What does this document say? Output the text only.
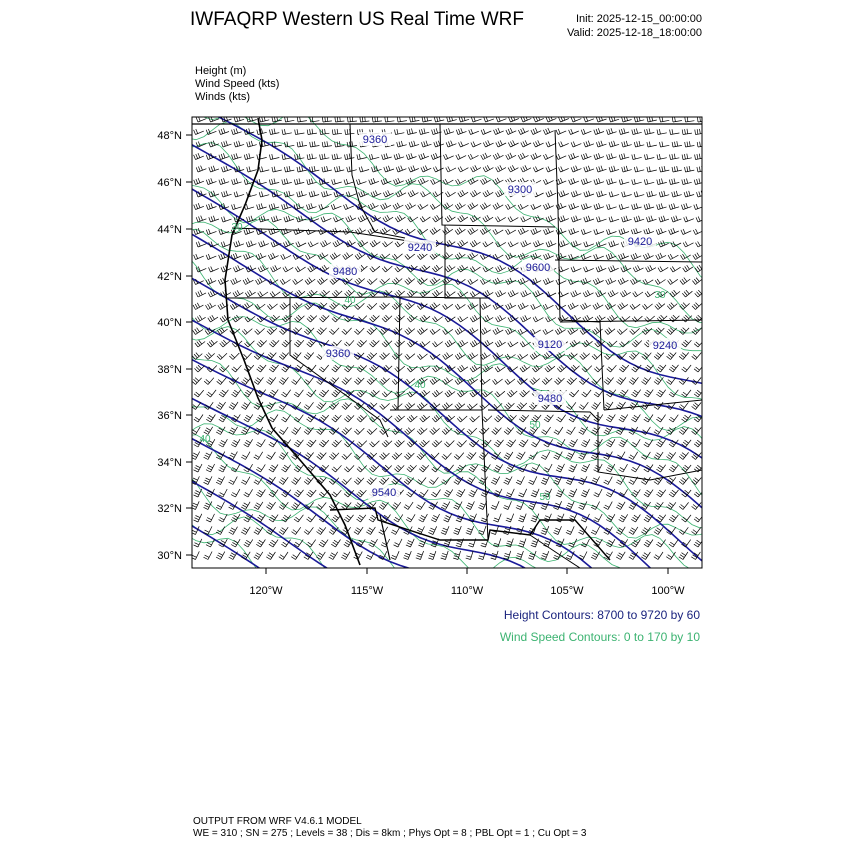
IWFAQRP Western US Real Time WRF	Init: 2025-12-15_00:00:00
Valid: 2025-12-18_18:00:00
Height (m)
Wind Speed (kts)
Winds (kts)
9360
9300
9240	9420
9480	9600
9120	9240
9360
9480
9540
40
40
40
50
50
30
30
48°N
46°N
44°N
42°N
40°N
38°N
36°N
34°N
32°N
30°N
120°W	115°W	110°W	105°W	100°W
Height Contours: 8700 to 9720 by 60
Wind Speed Contours: 0 to 170 by 10
OUTPUT FROM WRF V4.6.1 MODEL
WE = 310 ; SN = 275 ; Levels = 38 ; Dis = 8km ; Phys Opt = 8 ; PBL Opt = 1 ; Cu Opt = 3
